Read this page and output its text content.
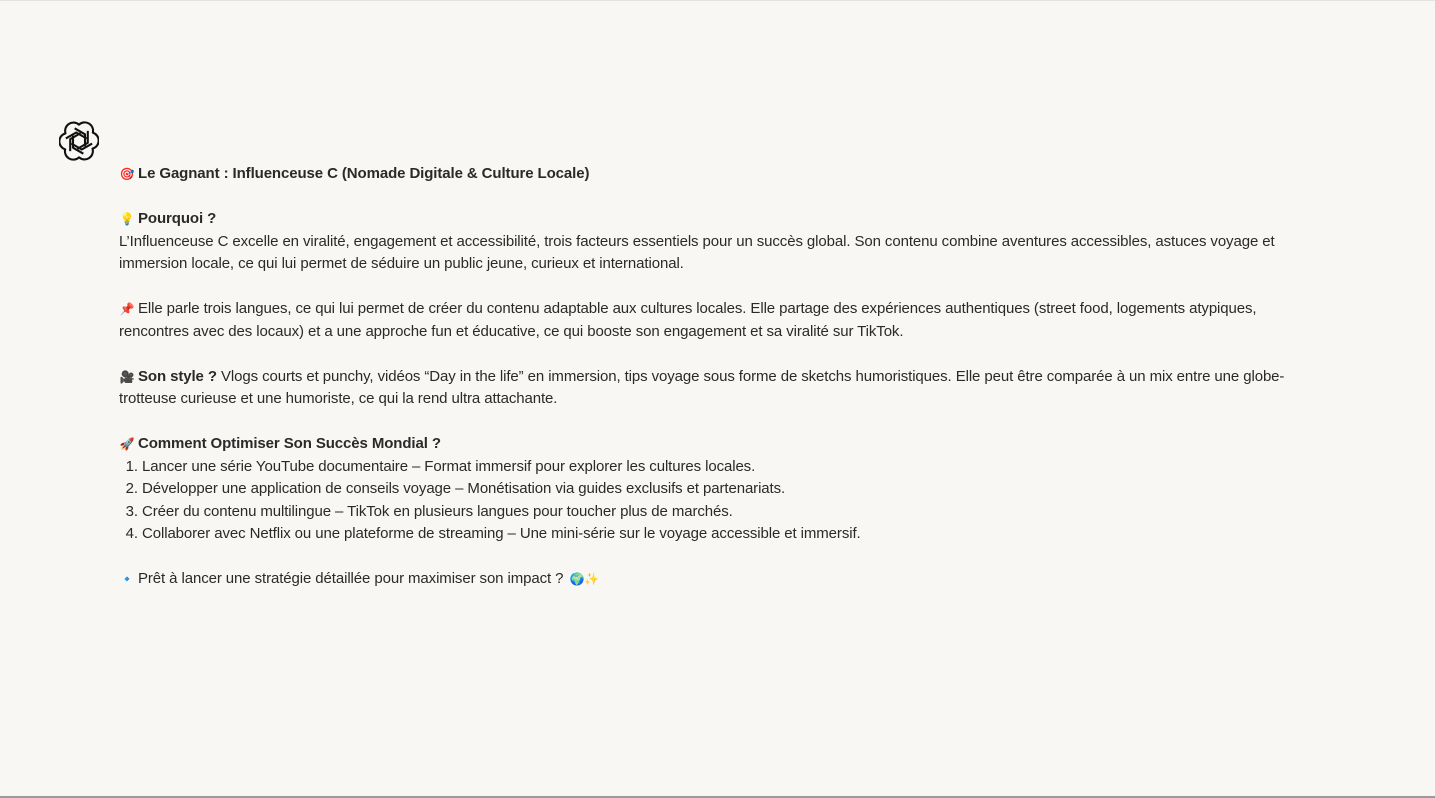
🎯 Le Gagnant : Influenceuse C (Nomade Digitale & Culture Locale)
💡 Pourquoi ?
L’Influenceuse C excelle en viralité, engagement et accessibilité, trois facteurs essentiels pour un succès global. Son contenu combine aventures accessibles, astuces voyage et
immersion locale, ce qui lui permet de séduire un public jeune, curieux et international.
📌 Elle parle trois langues, ce qui lui permet de créer du contenu adaptable aux cultures locales. Elle partage des expériences authentiques (street food, logements atypiques,
rencontres avec des locaux) et a une approche fun et éducative, ce qui booste son engagement et sa viralité sur TikTok.
🎥 Son style ? Vlogs courts et punchy, vidéos “Day in the life” en immersion, tips voyage sous forme de sketchs humoristiques. Elle peut être comparée à un mix entre une globe-
trotteuse curieuse et une humoriste, ce qui la rend ultra attachante.
🚀 Comment Optimiser Son Succès Mondial ?
1. Lancer une série YouTube documentaire – Format immersif pour explorer les cultures locales.
2. Développer une application de conseils voyage – Monétisation via guides exclusifs et partenariats.
3. Créer du contenu multilingue – TikTok en plusieurs langues pour toucher plus de marchés.
4. Collaborer avec Netflix ou une plateforme de streaming – Une mini-série sur le voyage accessible et immersif.
🔹 Prêt à lancer une stratégie détaillée pour maximiser son impact ? 🌍✨
